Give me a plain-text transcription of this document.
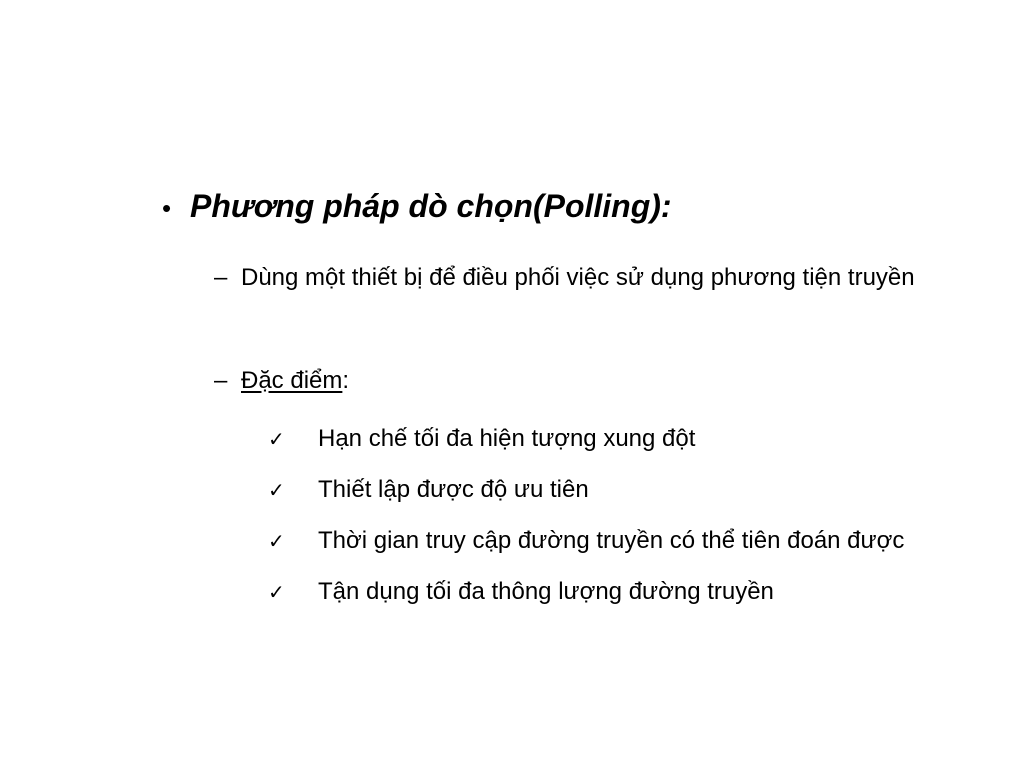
• Phương pháp dò chọn(Polling):
– Dùng một thiết bị để điều phối việc sử dụng phương tiện truyền
– Đặc điểm:
✓ Hạn chế tối đa hiện tượng xung đột
✓ Thiết lập được độ ưu tiên
✓ Thời gian truy cập đường truyền có thể tiên đoán được
✓ Tận dụng tối đa thông lượng đường truyền
